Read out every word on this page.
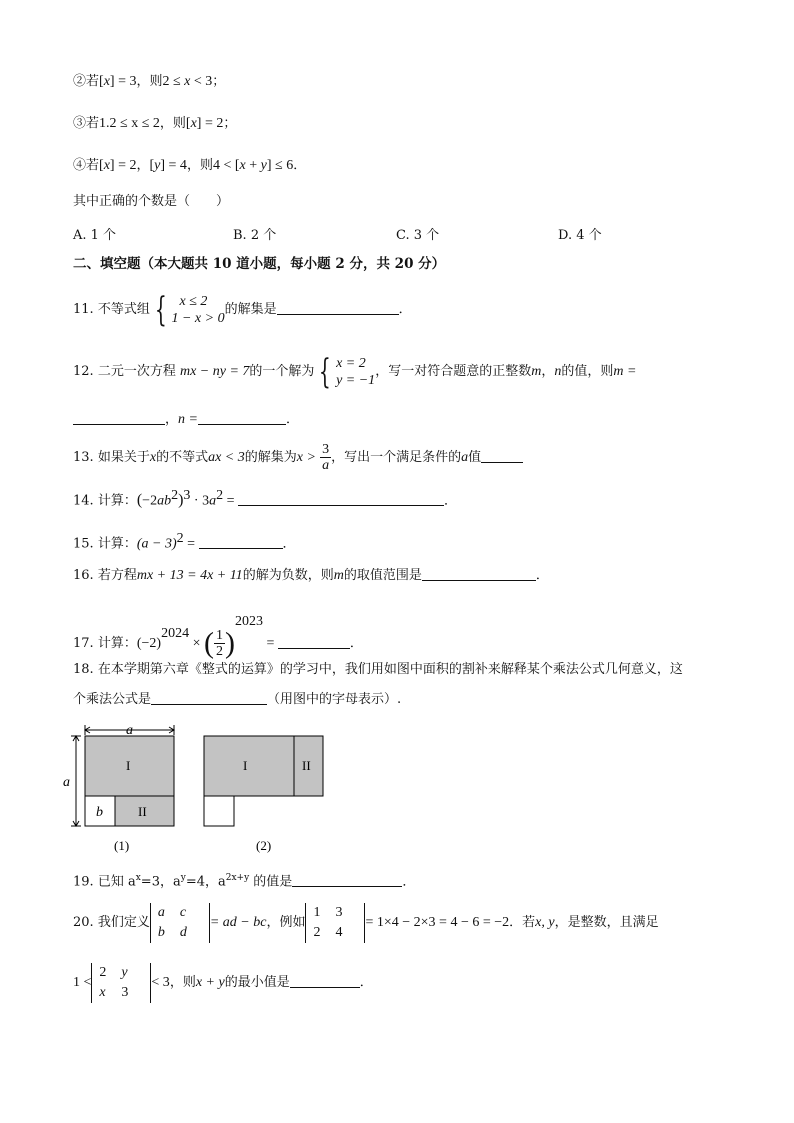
②若[x] = 3，则2 ≤ x < 3；
③若1.2 ≤ x ≤ 2，则[x] = 2；
④若[x] = 2，[y] = 4，则4 < [x + y] ≤ 6．
其中正确的个数是（　　）
A. 1 个	B. 2 个	C. 3 个	D. 4 个
二、填空题（本大题共 10 道小题，每小题 2 分，共 20 分）
11. 不等式组 { x ≤ 2
1 − x > 0
的解集是	．
12. 二元一次方程 mx − ny = 7的一个解为 { x = 2
y = −1
，写一对符合题意的正整数m，n的值，则m =
，n =	．
13. 如果关于x的不等式ax < 3的解集为$x > \frac{3}{a}$ ，写出一个满足条件的a值
14. 计算：$(-2ab^2)^3 \cdot 3a^2$ =	．
15. 计算：$(a - 3)^2$ =	．
16. 若方程mx + 13 = 4x + 11的解为负数，则m的取值范围是	．
17. 计算：$(-2)^{2024}$ × ( $\frac{1}{2} )^{2023}$ =	．
18. 在本学期第六章《整式的运算》的学习中，我们用如图中面积的割补来解释某个乘法公式几何意义，这
个乘法公式是	（用图中的字母表示）.
a
a
b
I
II
I	II
(1)	(2)
19. 已知 $a^x=3$，$a^y=4$，$a^{2x+y}$ 的值是	．
20. 我们定义
a c
b d
= ad − bc，例如
1 3
2 4
= 1×4 − 2×3 = 4 − 6 = −2．若x, y，是整数，且满足
1 <
2 y
x 3
< 3，则x + y的最小值是	．
